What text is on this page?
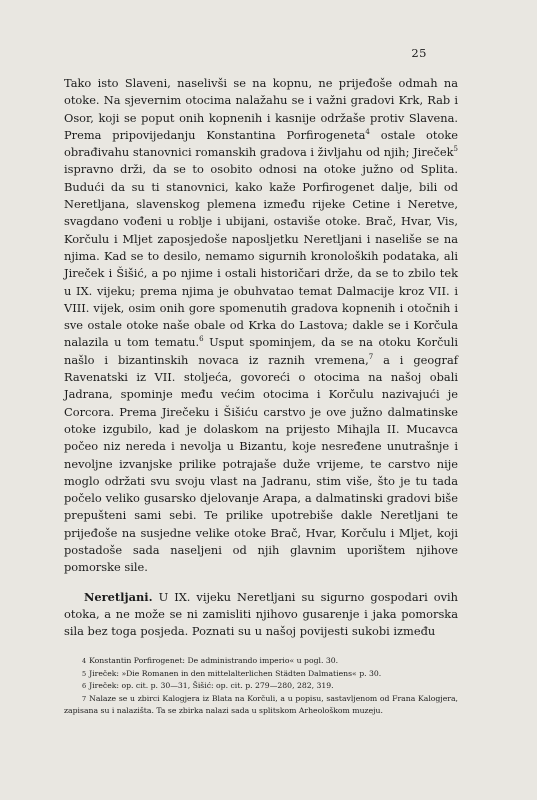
25

Tako isto Slaveni, naselivši se na kopnu, ne prijeđoše odmah na otoke. Na sjevernim otocima nalažahu se i važni gradovi Krk, Rab i Osor, koji se poput onih kopnenih i kasnije održaše protiv Slavena. Prema pripovijedanju Konstantina Porfirogeneta$^4$ ostale otoke obrađivahu stanovnici romanskih gradova i življahu od njih; Jireček$^5$ ispravno drži, da se to osobito odnosi na otoke južno od Splita. Budući da su ti stanovnici, kako kaže Porfirogenet dalje, bili od Neretljana, slavenskog plemena između rijeke Cetine i Neretve, svagdano vođeni u roblje i ubijani, ostaviše otoke. Brač, Hvar, Vis, Korčulu i Mljet zaposjedoše naposljetku Neretljani i naseliše se na njima. Kad se to desilo, nemamo sigurnih kronoloških podataka, ali Jireček i Šišić, a po njime i ostali historičari drže, da se to zbilo tek u IX. vijeku; prema njima je obuhvatao temat Dalmacije kroz VII. i VIII. vijek, osim onih gore spomenutih gradova kopnenih i otočnih i sve ostale otoke naše obale od Krka do Lastova; dakle se i Korčula nalazila u tom tematu.$^6$ Usput spominjem, da se na otoku Korčuli našlo i bizantinskih novaca iz raznih vremena,$^7$ a i geograf Ravenatski iz VII. stoljeća, govoreći o otocima na našoj obali Jadrana, spominje među većim otocima i Korčulu nazivajući je Corcora. Prema Jirečeku i Šišiću carstvo je ove južno dalmatinske otoke izgubilo, kad je dolaskom na prijesto Mihajla II. Mucavca počeo niz nereda i nevolja u Bizantu, koje nesređene unutrašnje i nevoljne izvanjske prilike potrajaše duže vrijeme, te carstvo nije moglo održati svu svoju vlast na Jadranu, stim više, što je tu tada počelo veliko gusarsko djelovanje Arapa, a dalmatinski gradovi biše prepušteni sami sebi. Te prilike upotrebiše dakle Neretljani te prijeđoše na susjedne velike otoke Brač, Hvar, Korčulu i Mljet, koji postadoše sada naseljeni od njih glavnim uporištem njihove pomorske sile.

Neretljani. U IX. vijeku Neretljani su sigurno gospodari ovih otoka, a ne može se ni zamisliti njihovo gusarenje i jaka pomorska sila bez toga posjeda. Poznati su u našoj povijesti sukobi između

4 Konstantin Porfirogenet: De administrando imperio« u pogl. 30.

5 Jireček: »Die Romanen in den mittelalterlichen Städten Dalmatiens« p. 30.

6 Jireček: op. cit. p. 30—31, Šišić: op. cit. p. 279—280, 282, 319.

7 Nalaze se u zbirci Kalogjera iz Blata na Korčuli, a u popisu, sastavljenom od Frana Kalogjera, zapisana su i nalazišta. Ta se zbirka nalazi sada u splitskom Arheološkom muzeju.
